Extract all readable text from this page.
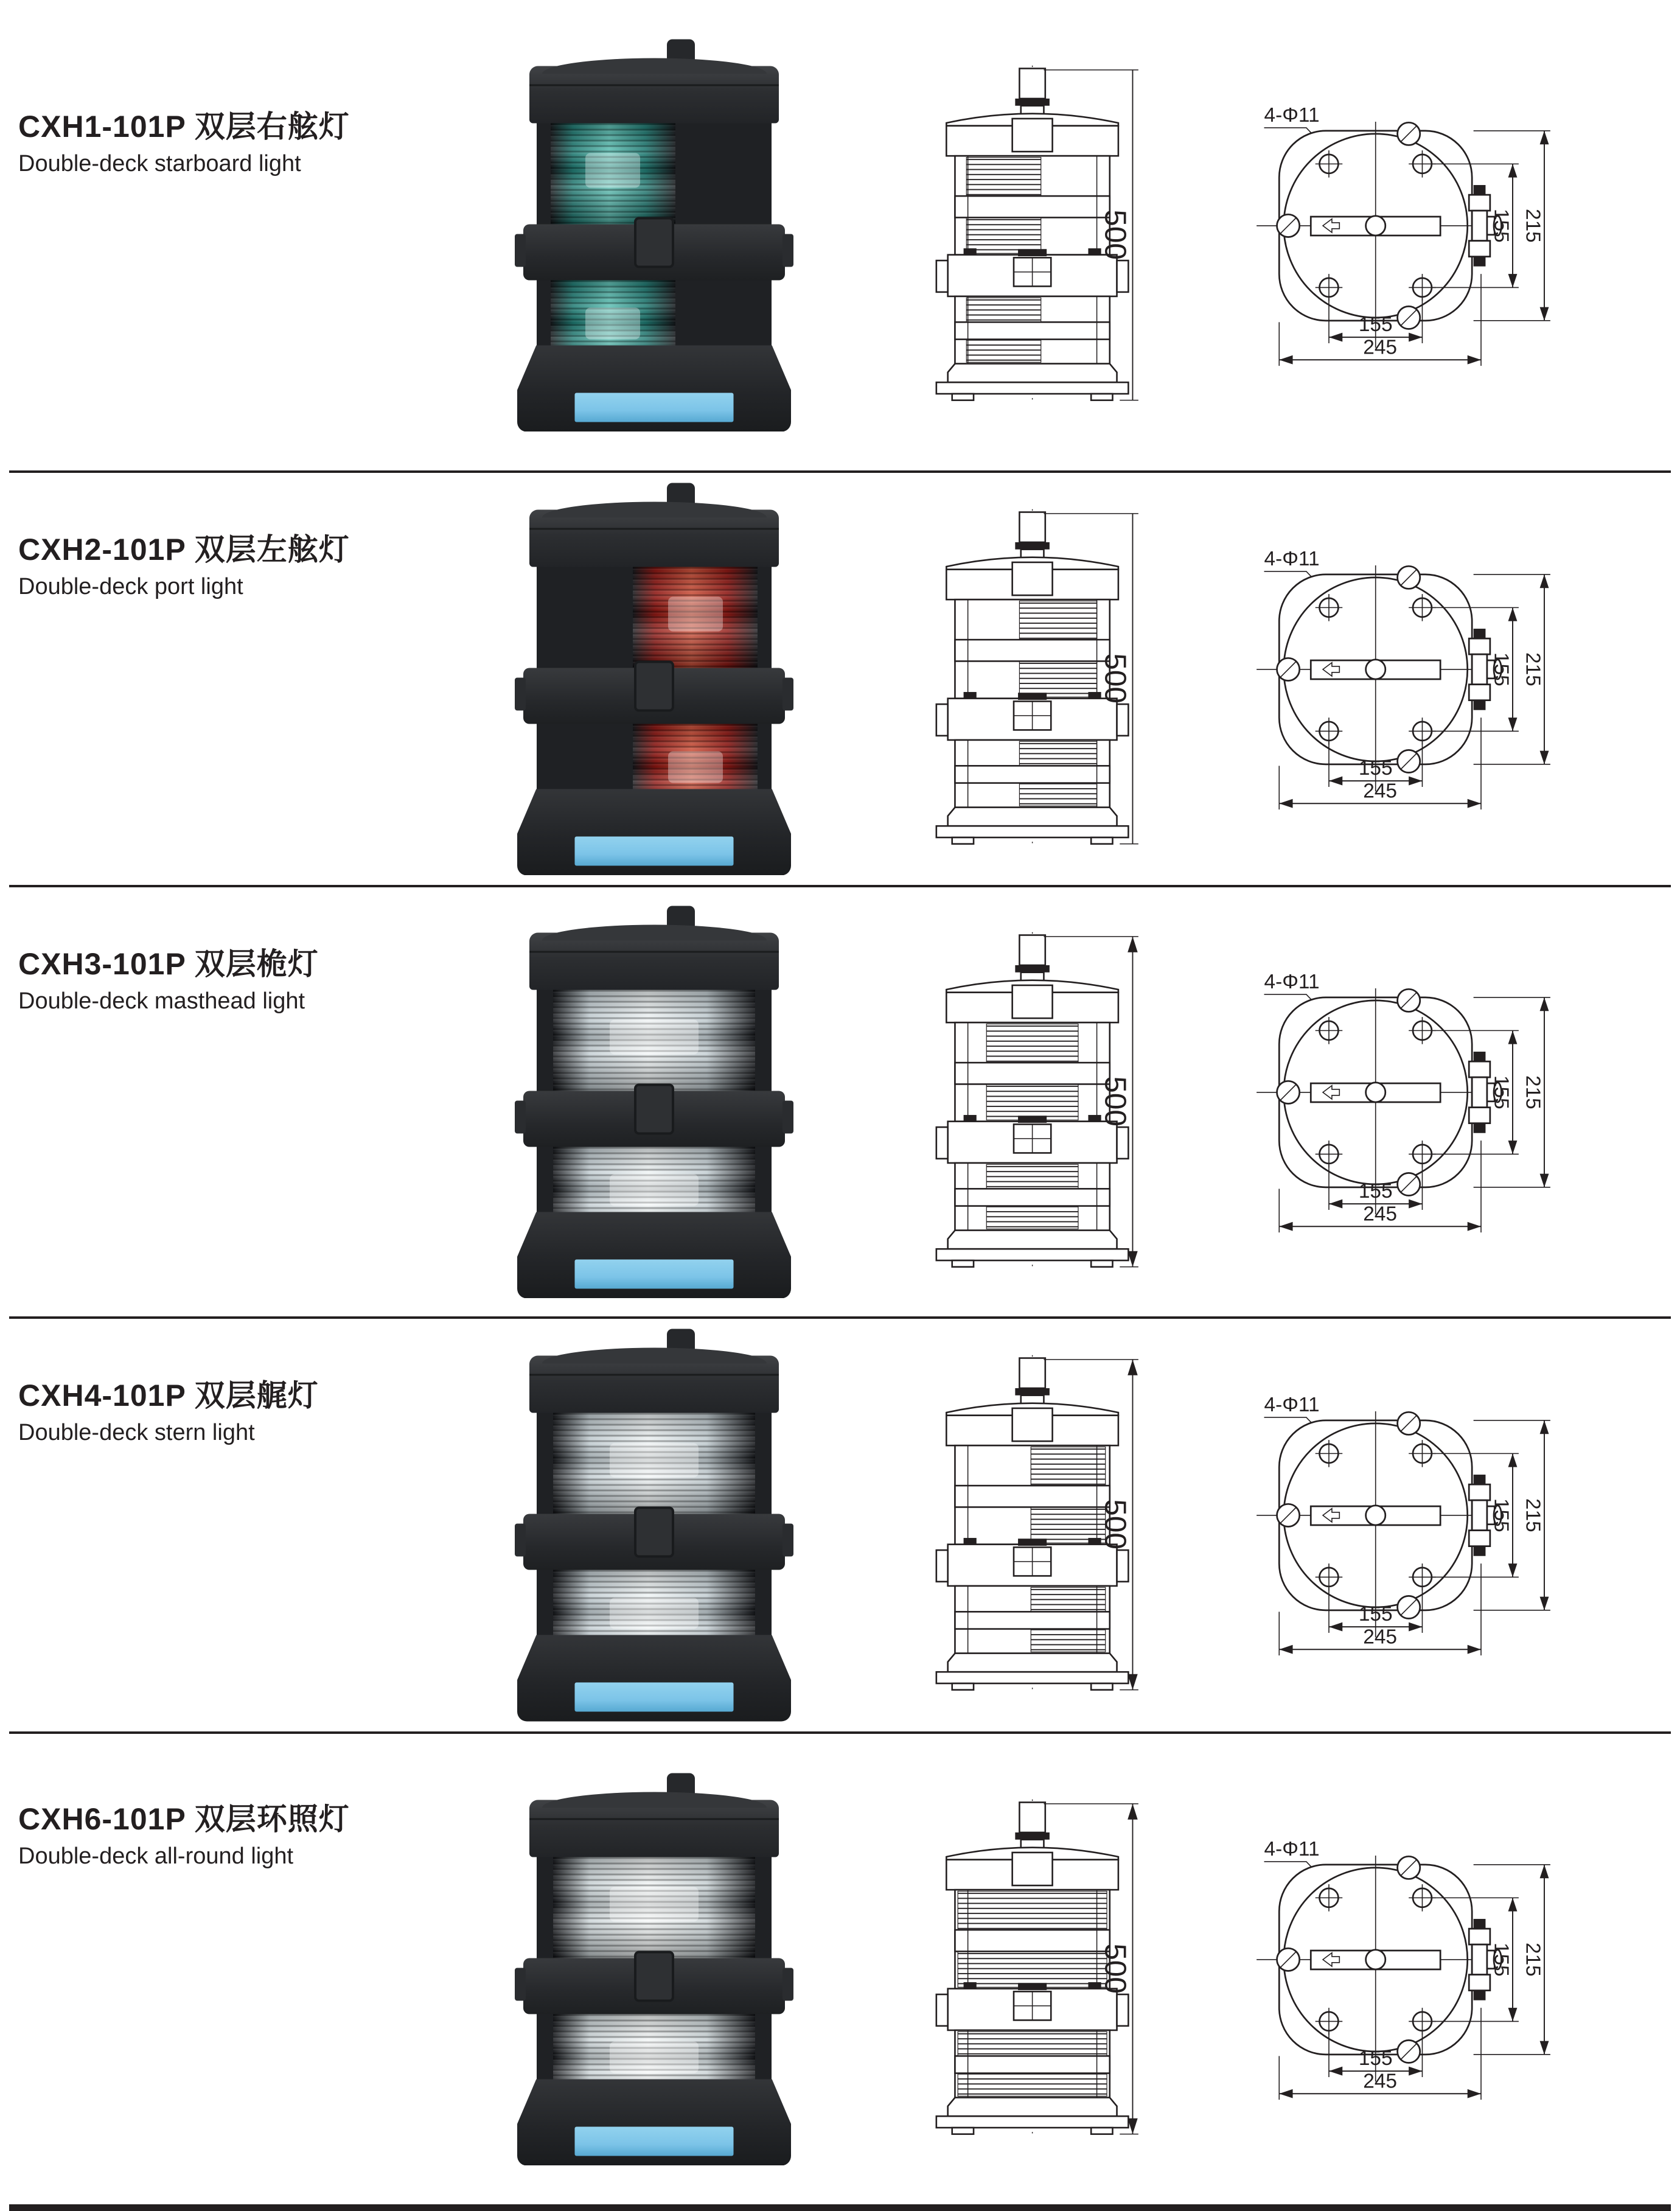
CXH1-101P 双层右舷灯

Double-deck starboard light

500
4-Φ11
155 215
155
245
CXH2-101P 双层左舷灯

Double-deck port light

500
4-Φ11
155 215
155
245
CXH3-101P 双层桅灯

Double-deck masthead light

500
4-Φ11
155 215
155
245
CXH4-101P 双层艉灯

Double-deck stern light

500
4-Φ11
155 215
155
245
CXH6-101P 双层环照灯

Double-deck all-round light

500
4-Φ11
155 215
155
245
